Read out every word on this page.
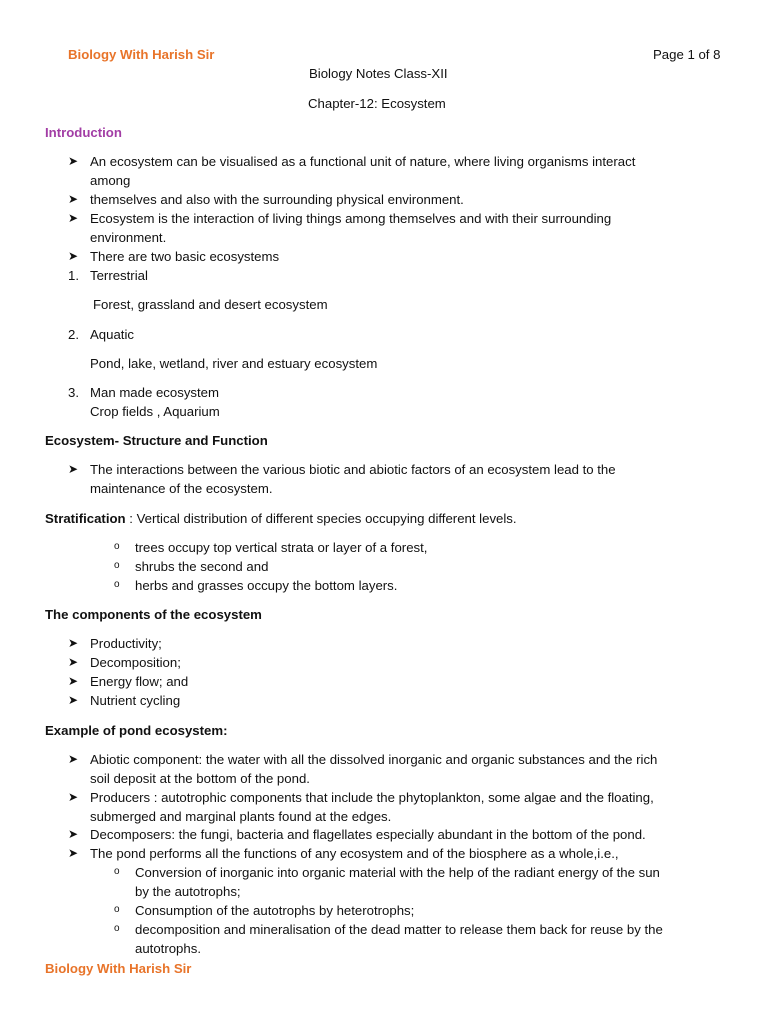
Biology With Harish Sir	Page 1 of 8
Biology Notes Class-XII
Chapter-12: Ecosystem
Introduction
➤ An ecosystem can be visualised as a functional unit of nature, where living organisms interact
among
➤ themselves and also with the surrounding physical environment.
➤ Ecosystem is the interaction of living things among themselves and with their surrounding
environment.
➤ There are two basic ecosystems
1. Terrestrial
Forest, grassland and desert ecosystem
2. Aquatic
Pond, lake, wetland, river and estuary ecosystem
3. Man made ecosystem
Crop fields , Aquarium
Ecosystem- Structure and Function
➤ The interactions between the various biotic and abiotic factors of an ecosystem lead to the
maintenance of the ecosystem.
Stratification : Vertical distribution of different species occupying different levels.
o trees occupy top vertical strata or layer of a forest,
o shrubs the second and
o herbs and grasses occupy the bottom layers.
The components of the ecosystem
➤ Productivity;
➤ Decomposition;
➤ Energy flow; and
➤ Nutrient cycling
Example of pond ecosystem:
➤ Abiotic component: the water with all the dissolved inorganic and organic substances and the rich
soil deposit at the bottom of the pond.
➤ Producers : autotrophic components that include the phytoplankton, some algae and the floating,
submerged and marginal plants found at the edges.
➤ Decomposers: the fungi, bacteria and flagellates especially abundant in the bottom of the pond.
➤ The pond performs all the functions of any ecosystem and of the biosphere as a whole,i.e.,
o Conversion of inorganic into organic material with the help of the radiant energy of the sun
by the autotrophs;
o Consumption of the autotrophs by heterotrophs;
o decomposition and mineralisation of the dead matter to release them back for reuse by the
autotrophs.
Biology With Harish Sir
